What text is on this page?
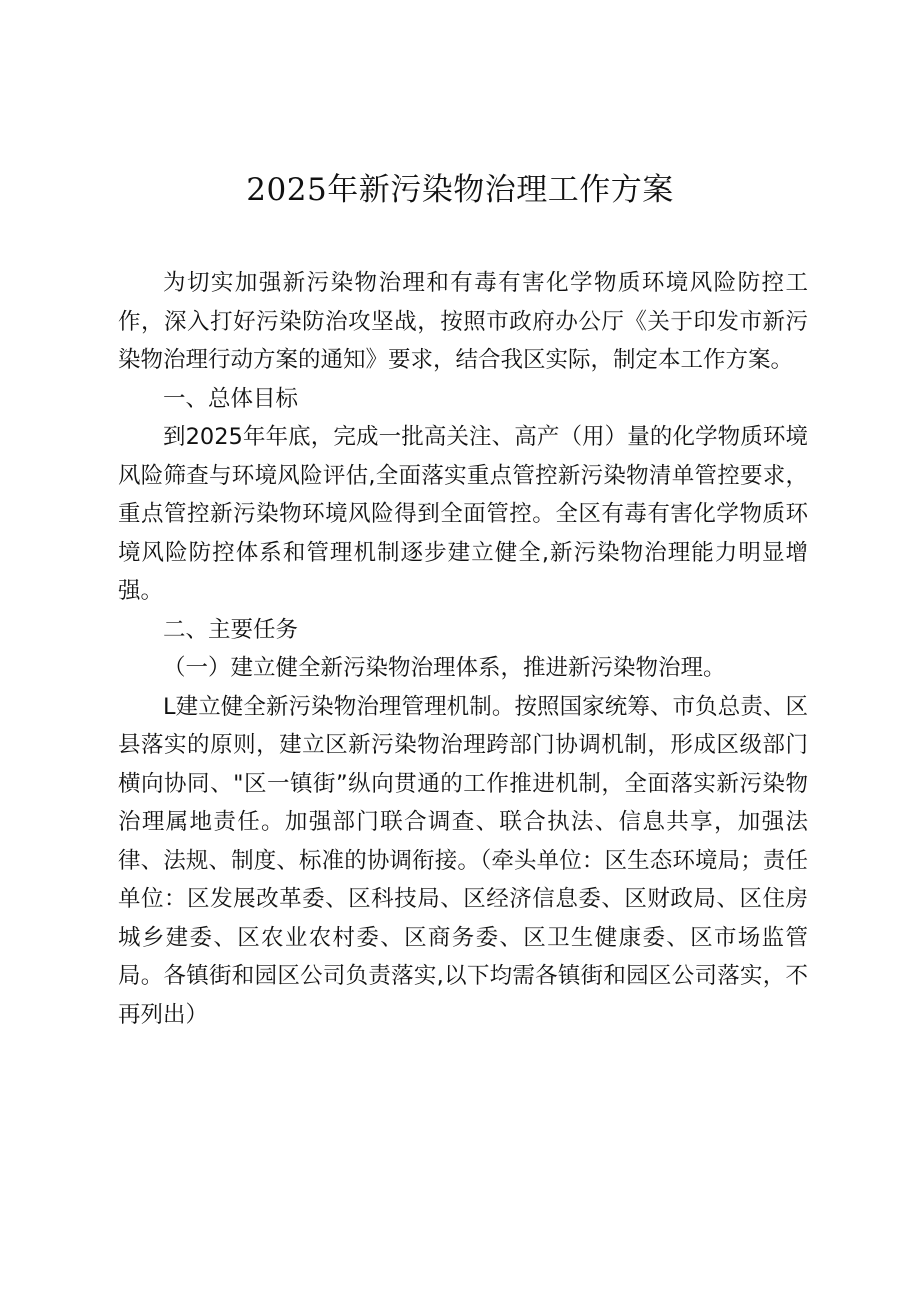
2025年新污染物治理工作方案

为切实加强新污染物治理和有毒有害化学物质环境风险防控工作，深入打好污染防治攻坚战，按照市政府办公厅《关于印发市新污染物治理行动方案的通知》要求，结合我区实际，制定本工作方案。

一、总体目标

到2025年年底，完成一批高关注、高产（用）量的化学物质环境风险筛查与环境风险评估,全面落实重点管控新污染物清单管控要求，重点管控新污染物环境风险得到全面管控。全区有毒有害化学物质环境风险防控体系和管理机制逐步建立健全,新污染物治理能力明显增强。

二、主要任务

（一）建立健全新污染物治理体系，推进新污染物治理。

L建立健全新污染物治理管理机制。按照国家统筹、市负总责、区县落实的原则，建立区新污染物治理跨部门协调机制，形成区级部门横向协同、"区一镇街”纵向贯通的工作推进机制，全面落实新污染物治理属地责任。加强部门联合调查、联合执法、信息共享，加强法律、法规、制度、标准的协调衔接。（牵头单位：区生态环境局；责任单位：区发展改革委、区科技局、区经济信息委、区财政局、区住房城乡建委、区农业农村委、区商务委、区卫生健康委、区市场监管局。各镇街和园区公司负责落实,以下均需各镇街和园区公司落实，不再列出）
